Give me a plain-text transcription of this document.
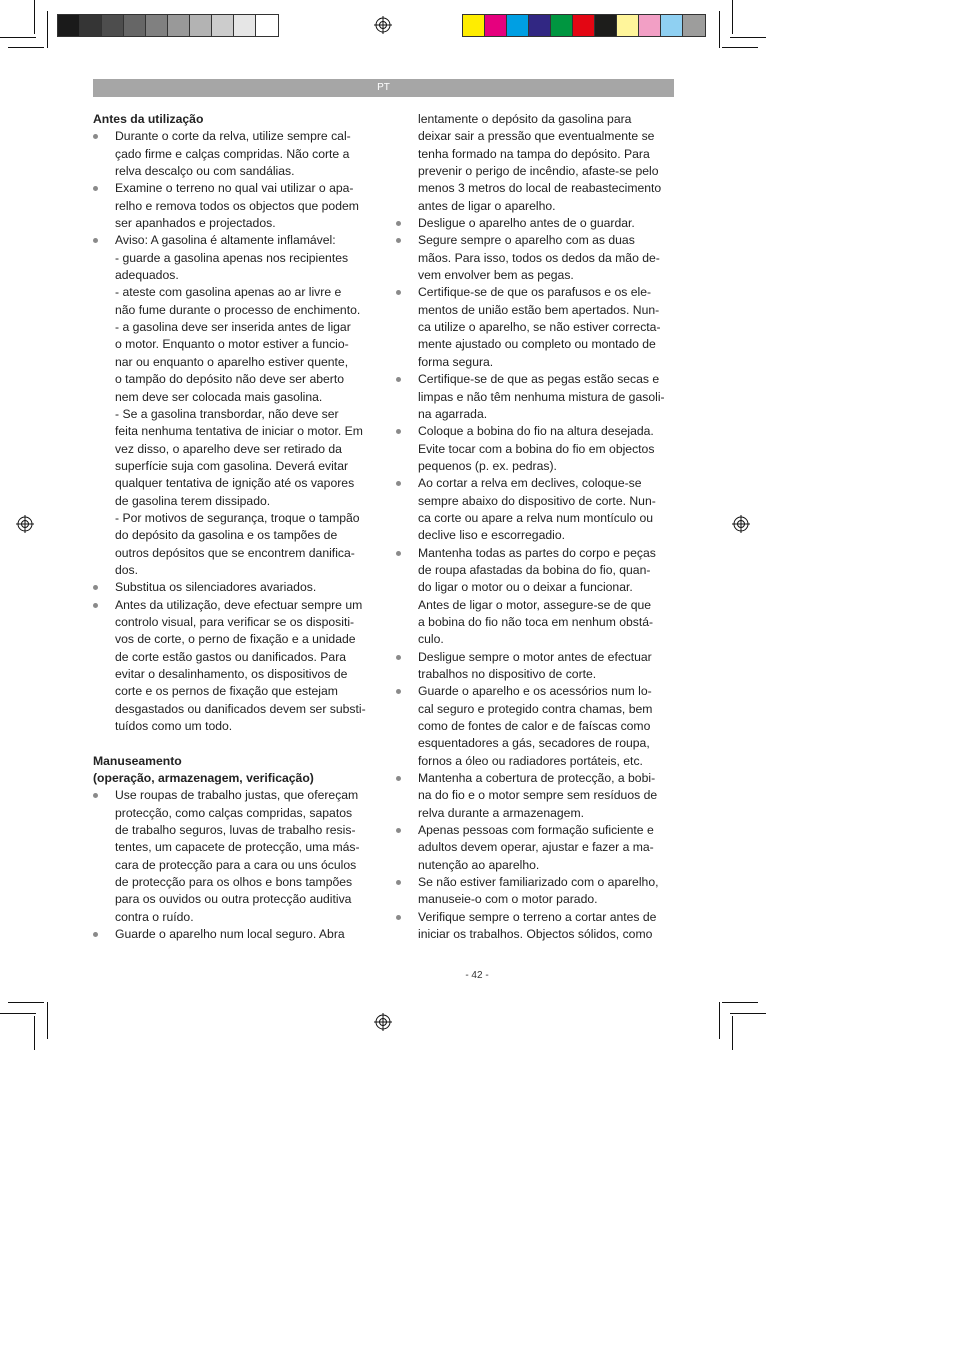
PT
Antes da utilização

Durante o corte da relva, utilize sempre cal-

çado firme e calças compridas. Não corte a

relva descalço ou com sandálias.

Examine o terreno no qual vai utilizar o apa-

relho e remova todos os objectos que podem

ser apanhados e projectados.

Aviso: A gasolina é altamente inflamável:

- guarde a gasolina apenas nos recipientes

adequados.

- ateste com gasolina apenas ao ar livre e

não fume durante o processo de enchimento.

- a gasolina deve ser inserida antes de ligar

o motor. Enquanto o motor estiver a funcio-

nar ou enquanto o aparelho estiver quente,

o tampão do depósito não deve ser aberto

nem deve ser colocada mais gasolina.

- Se a gasolina transbordar, não deve ser

feita nenhuma tentativa de iniciar o motor. Em

vez disso, o aparelho deve ser retirado da

superfície suja com gasolina. Deverá evitar

qualquer tentativa de ignição até os vapores

de gasolina terem dissipado.

- Por motivos de segurança, troque o tampão

do depósito da gasolina e os tampões de

outros depósitos que se encontrem danifica-

dos.

Substitua os silenciadores avariados.

Antes da utilização, deve efectuar sempre um

controlo visual, para verificar se os dispositi-

vos de corte, o perno de fixação e a unidade

de corte estão gastos ou danificados. Para

evitar o desalinhamento, os dispositivos de

corte e os pernos de fixação que estejam

desgastados ou danificados devem ser substi-

tuídos como um todo.

Manuseamento
(operação, armazenagem, verificação)

Use roupas de trabalho justas, que ofereçam

protecção, como calças compridas, sapatos

de trabalho seguros, luvas de trabalho resis-

tentes, um capacete de protecção, uma más-

cara de protecção para a cara ou uns óculos

de protecção para os olhos e bons tampões

para os ouvidos ou outra protecção auditiva

contra o ruído.

Guarde o aparelho num local seguro. Abra

lentamente o depósito da gasolina para

deixar sair a pressão que eventualmente se

tenha formado na tampa do depósito. Para

prevenir o perigo de incêndio, afaste-se pelo

menos 3 metros do local de reabastecimento

antes de ligar o aparelho.

Desligue o aparelho antes de o guardar.

Segure sempre o aparelho com as duas

mãos. Para isso, todos os dedos da mão de-

vem envolver bem as pegas.

Certifique-se de que os parafusos e os ele-

mentos de união estão bem apertados. Nun-

ca utilize o aparelho, se não estiver correcta-

mente ajustado ou completo ou montado de

forma segura.

Certifique-se de que as pegas estão secas e

limpas e não têm nenhuma mistura de gasoli-

na agarrada.

Coloque a bobina do fio na altura desejada.

Evite tocar com a bobina do fio em objectos

pequenos (p. ex. pedras).

Ao cortar a relva em declives, coloque-se

sempre abaixo do dispositivo de corte. Nun-

ca corte ou apare a relva num montículo ou

declive liso e escorregadio.

Mantenha todas as partes do corpo e peças

de roupa afastadas da bobina do fio, quan-

do ligar o motor ou o deixar a funcionar.

Antes de ligar o motor, assegure-se de que

a bobina do fio não toca em nenhum obstá-

culo.

Desligue sempre o motor antes de efectuar

trabalhos no dispositivo de corte.

Guarde o aparelho e os acessórios num lo-

cal seguro e protegido contra chamas, bem

como de fontes de calor e de faíscas como

esquentadores a gás, secadores de roupa,

fornos a óleo ou radiadores portáteis, etc.

Mantenha a cobertura de protecção, a bobi-

na do fio e o motor sempre sem resíduos de

relva durante a armazenagem.

Apenas pessoas com formação suficiente e

adultos devem operar, ajustar e fazer a ma-

nutenção ao aparelho.

Se não estiver familiarizado com o aparelho,

manuseie-o com o motor parado.

Verifique sempre o terreno a cortar antes de

iniciar os trabalhos. Objectos sólidos, como

- 42 -
